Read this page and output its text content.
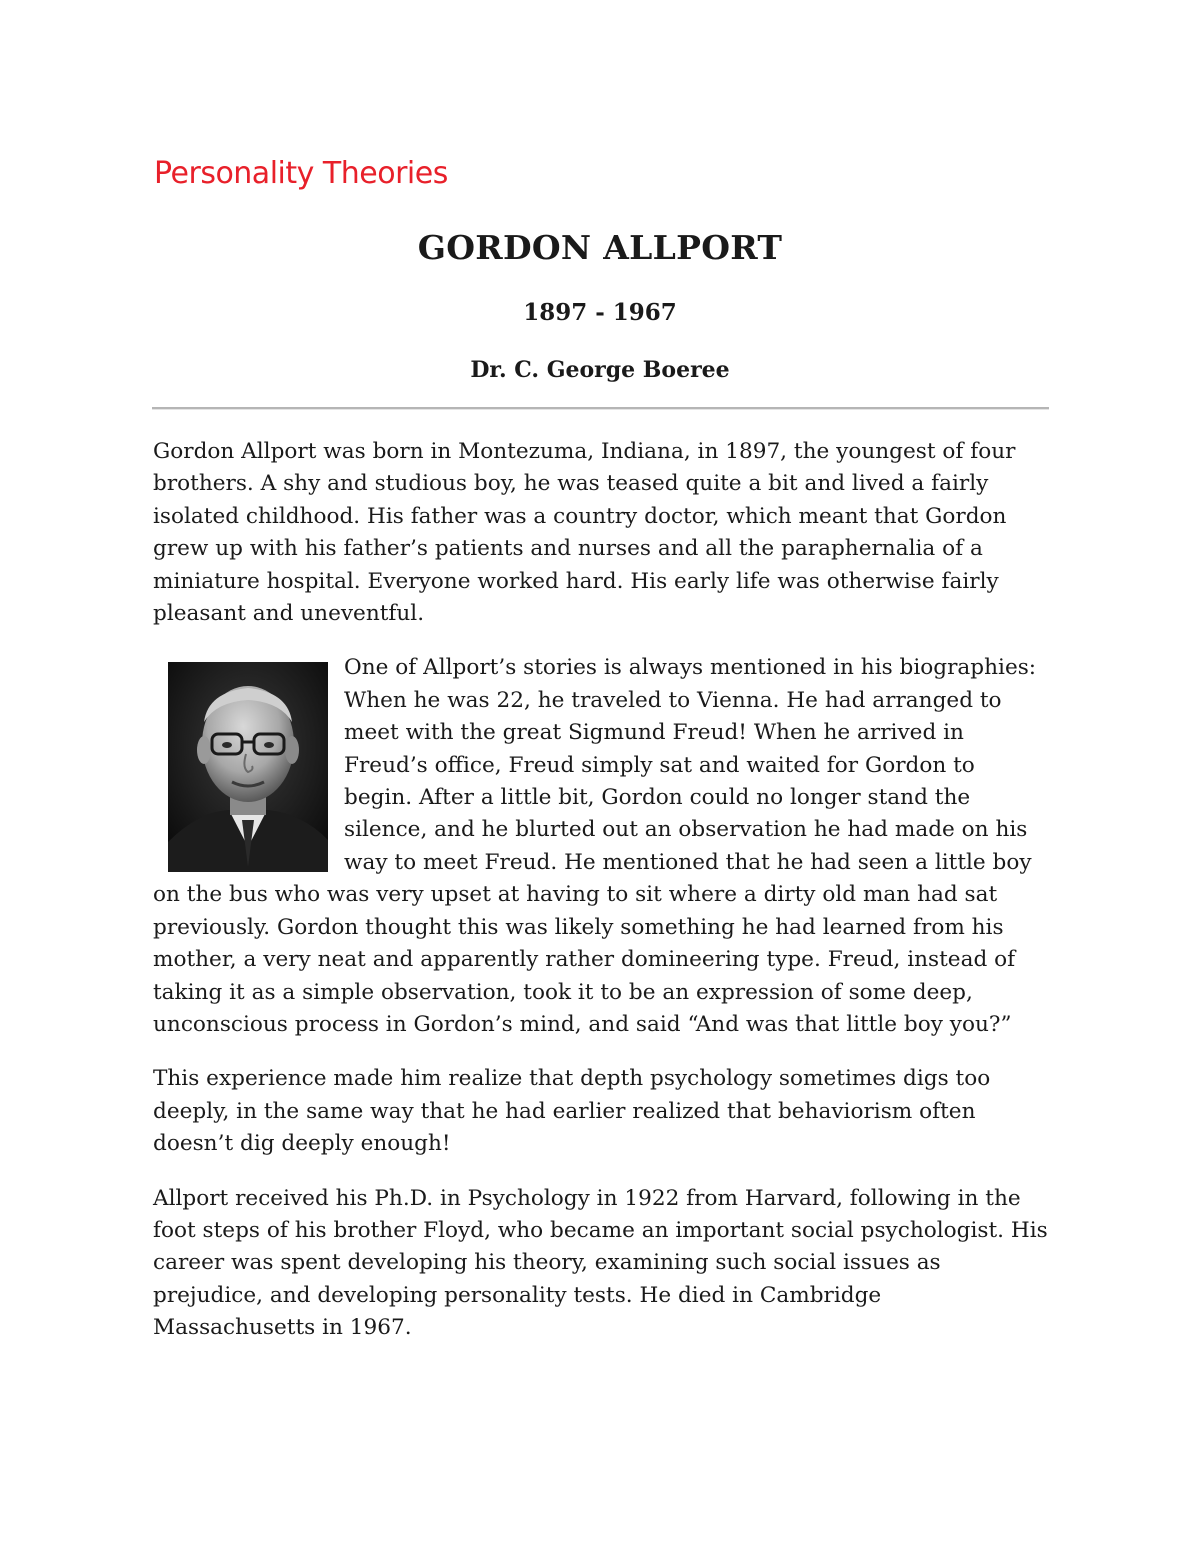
Personality Theories
GORDON ALLPORT
1897 - 1967
Dr. C. George Boeree

Gordon Allport was born in Montezuma, Indiana, in 1897, the youngest of four brothers. A shy and studious boy, he was teased quite a bit and lived a fairly isolated childhood. His father was a country doctor, which meant that Gordon grew up with his father’s patients and nurses and all the paraphernalia of a miniature hospital. Everyone worked hard. His early life was otherwise fairly pleasant and uneventful.

One of Allport’s stories is always mentioned in his biographies: When he was 22, he traveled to Vienna. He had arranged to meet with the great Sigmund Freud! When he arrived in Freud’s office, Freud simply sat and waited for Gordon to begin. After a little bit, Gordon could no longer stand the silence, and he blurted out an observation he had made on his way to meet Freud. He mentioned that he had seen a little boy on the bus who was very upset at having to sit where a dirty old man had sat previously. Gordon thought this was likely something he had learned from his mother, a very neat and apparently rather domineering type. Freud, instead of taking it as a simple observation, took it to be an expression of some deep, unconscious process in Gordon’s mind, and said “And was that little boy you?”

This experience made him realize that depth psychology sometimes digs too deeply, in the same way that he had earlier realized that behaviorism often doesn’t dig deeply enough!

Allport received his Ph.D. in Psychology in 1922 from Harvard, following in the foot steps of his brother Floyd, who became an important social psychologist. His career was spent developing his theory, examining such social issues as prejudice, and developing personality tests. He died in Cambridge Massachusetts in 1967.
